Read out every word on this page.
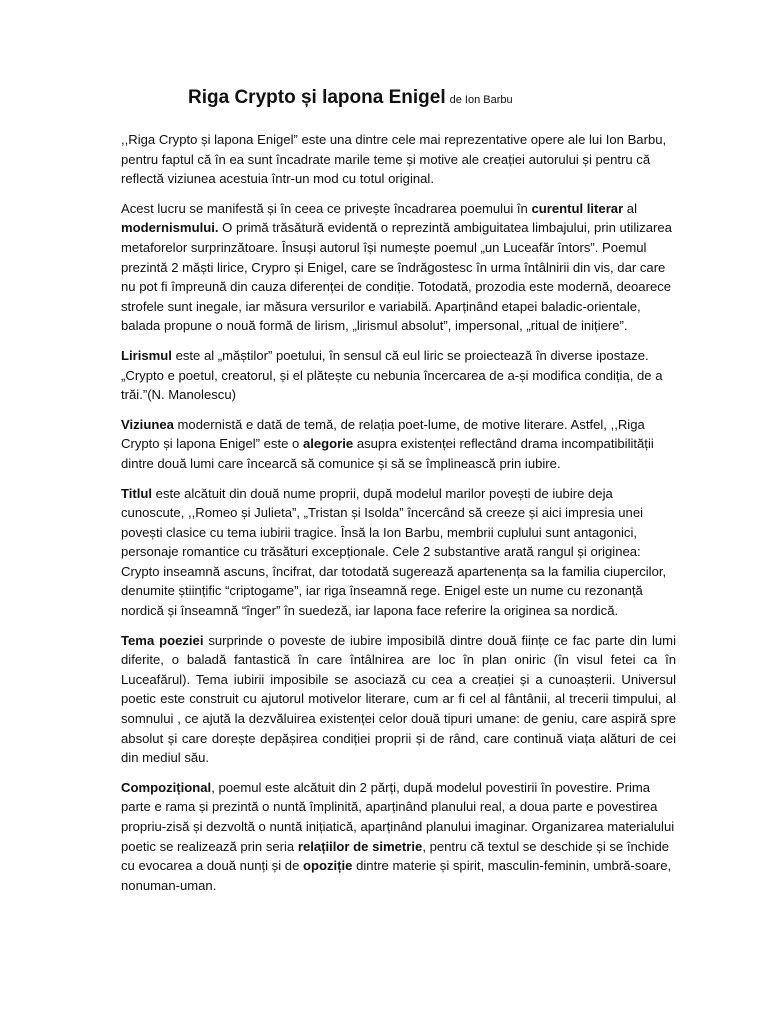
Riga Crypto și lapona Enigel de Ion Barbu

,,Riga Crypto și lapona Enigel” este una dintre cele mai reprezentative opere ale lui Ion Barbu, pentru faptul că în ea sunt încadrate marile teme și motive ale creației autorului și pentru că reflectă viziunea acestuia într-un mod cu totul original.

Acest lucru se manifestă și în ceea ce privește încadrarea poemului în curentul literar al
modernismului. O primă trăsătură evidentă o reprezintă ambiguitatea limbajului, prin utilizarea metaforelor surprinzătoare. Însuși autorul își numește poemul „un Luceafăr întors”. Poemul prezintă 2 măști lirice, Crypro și Enigel, care se îndrăgostesc în urma întâlnirii din vis, dar care nu pot fi împreună din cauza diferenței de condiție. Totodată, prozodia este modernă, deoarece strofele sunt inegale, iar măsura versurilor e variabilă. Aparținând etapei baladic-orientale, balada propune o nouă formă de lirism, „lirismul absolut”, impersonal, „ritual de inițiere”.

Lirismul este al „măștilor” poetului, în sensul că eul liric se proiectează în diverse ipostaze. „Crypto e poetul, creatorul, și el plătește cu nebunia încercarea de a-și modifica condiția, de a trăi.”(N. Manolescu)

Viziunea modernistă e dată de temă, de relația poet-lume, de motive literare. Astfel, ,,Riga Crypto și lapona Enigel” este o alegorie asupra existenței reflectând drama incompatibilității dintre două lumi care încearcă să comunice și să se împlinească prin iubire.

Titlul este alcătuit din două nume proprii, după modelul marilor povești de iubire deja cunoscute, ,,Romeo și Julieta”, „Tristan și Isolda” încercând să creeze și aici impresia unei povești clasice cu tema iubirii tragice. Însă la Ion Barbu, membrii cuplului sunt antagonici, personaje romantice cu trăsături excepționale. Cele 2 substantive arată rangul și originea: Crypto inseamnă ascuns, încifrat, dar totodată sugerează apartenența sa la familia ciupercilor, denumite științific “criptogame”, iar riga înseamnă rege. Enigel este un nume cu rezonanță nordică și înseamnă “înger” în suedeză, iar lapona face referire la originea sa nordică.

Tema poeziei surprinde o poveste de iubire imposibilă dintre două ființe ce fac parte din lumi diferite, o baladă fantastică în care întâlnirea are loc în plan oniric (în visul fetei ca în Luceafărul). Tema iubirii imposibile se asociază cu cea a creației și a cunoașterii. Universul poetic este construit cu ajutorul motivelor literare, cum ar fi cel al fântânii, al trecerii timpului, al somnului , ce ajută la dezvăluirea existenței celor două tipuri umane: de geniu, care aspiră spre absolut și care dorește depășirea condiției proprii și de rând, care continuă viața alături de cei din mediul său.

Compozițional, poemul este alcătuit din 2 părți, după modelul povestirii în povestire. Prima parte e rama și prezintă o nuntă împlinită, aparținând planului real, a doua parte e povestirea propriu-zisă și dezvoltă o nuntă inițiatică, aparținând planului imaginar. Organizarea materialului poetic se realizează prin seria relațiilor de simetrie, pentru că textul se deschide și se închide cu evocarea a două nunți și de opoziție dintre materie și spirit, masculin-feminin, umbră-soare, nonuman-uman.
